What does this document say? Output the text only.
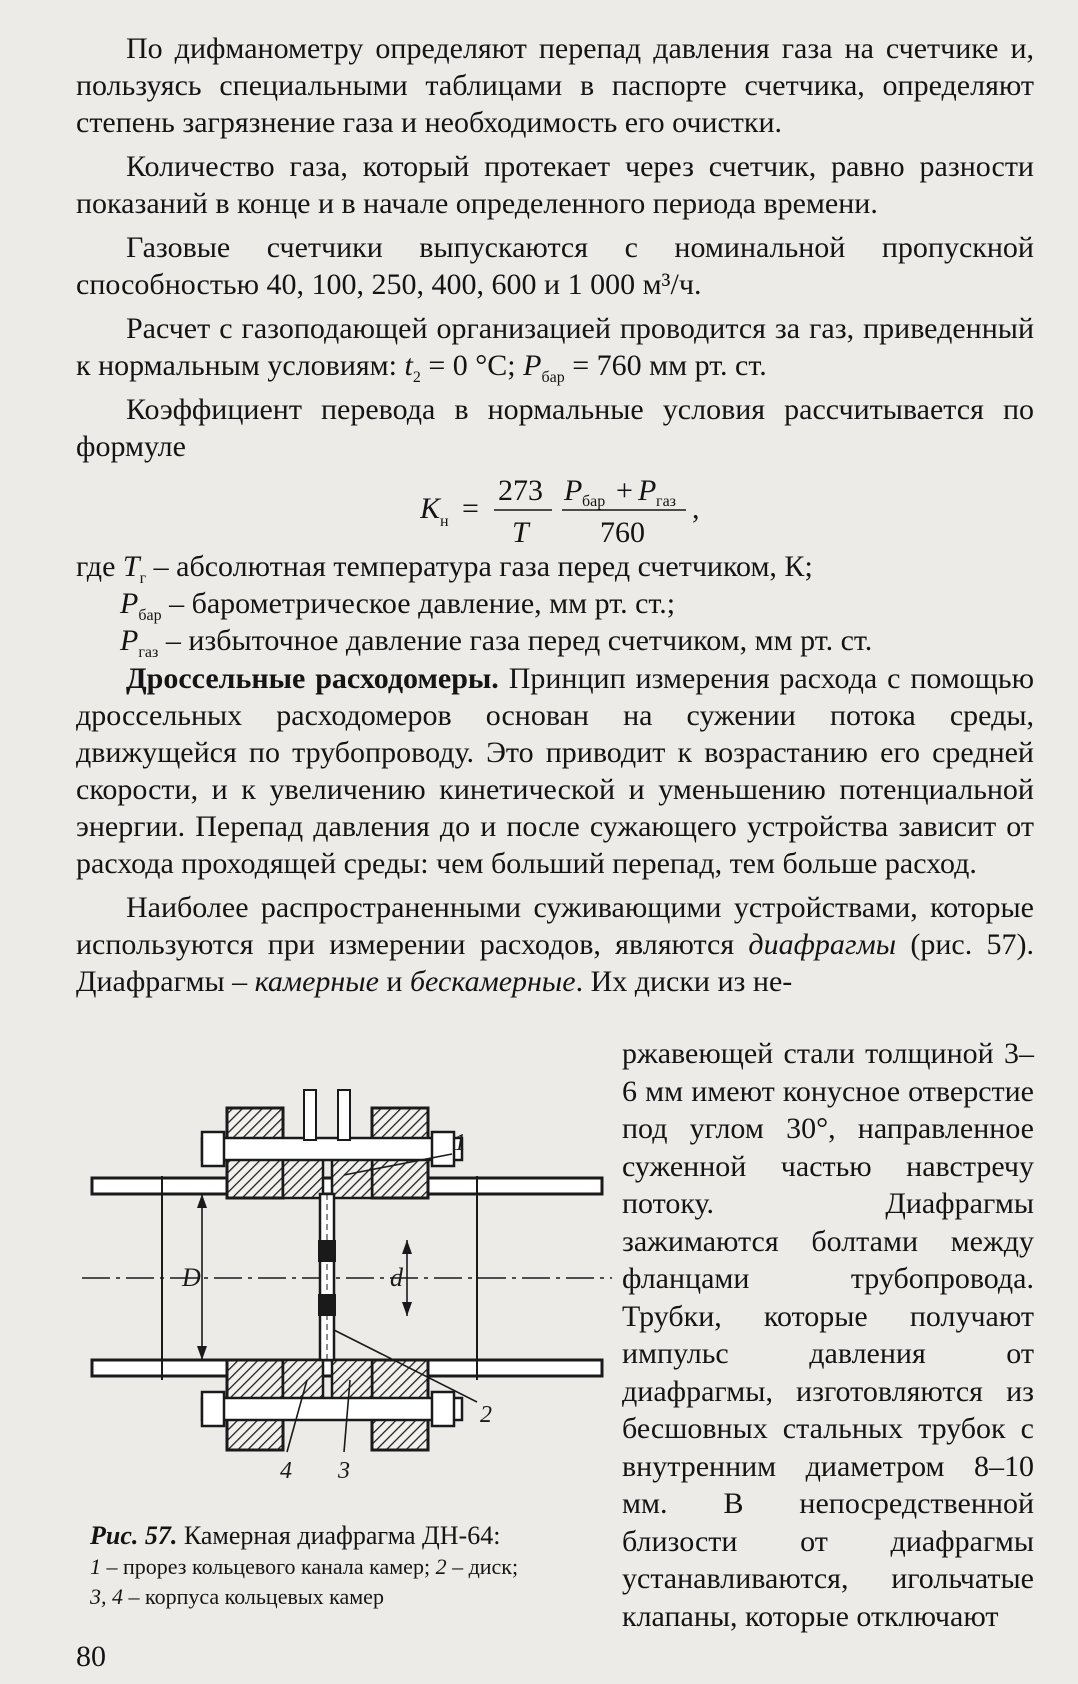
По дифманометру определяют перепад давления газа на счетчике и, пользуясь специальными таблицами в паспорте счетчика, определяют степень загрязнение газа и необходимость его очистки.

Количество газа, который протекает через счетчик, равно разности показаний в конце и в начале определенного периода времени.

Газовые счетчики выпускаются с номинальной пропускной способностью 40, 100, 250, 400, 600 и 1 000 м³/ч.

Расчет с газоподающей организацией проводится за газ, приведенный к нормальным условиям: $t_2 = 0$ °С; $P_{бар} = 760$ мм рт. ст.

Коэффициент перевода в нормальные условия рассчитывается по формуле

K н =
273
T
P бар + P газ
760
,
где $T_г$ – абсолютная температура газа перед счетчиком, К;
$P_{бар}$ – барометрическое давление, мм рт. ст.;
$P_{газ}$ – избыточное давление газа перед счетчиком, мм рт. ст.

Дроссельные расходомеры. Принцип измерения расхода с помощью дроссельных расходомеров основан на сужении потока среды, движущейся по трубопроводу. Это приводит к возрастанию его средней скорости, и к увеличению кинетической и уменьшению потенциальной энергии. Перепад давления до и после сужающего устройства зависит от расхода проходящей среды: чем больший перепад, тем больше расход.

Наиболее распространенными суживающими устройствами, которые используются при измерении расходов, являются диафрагмы (рис. 57). Диафрагмы – камерные и бескамерные. Их диски из не-

D	d
1
2
4 3
Рис. 57. Камерная диафрагма ДН-64:
1 – прорез кольцевого канала камер; 2 – диск;
3, 4 – корпуса кольцевых камер
ржавеющей стали толщиной 3–6 мм имеют конусное отверстие под углом 30°, направленное суженной частью навстречу потоку. Диафрагмы зажимаются болтами между фланцами трубопровода. Трубки, которые получают импульс давления от диафрагмы, изготовляются из бесшовных стальных трубок с внутренним диаметром 8–10 мм. В непосредственной близости от диафрагмы устанавливаются, игольчатые клапаны, которые отключают
80
